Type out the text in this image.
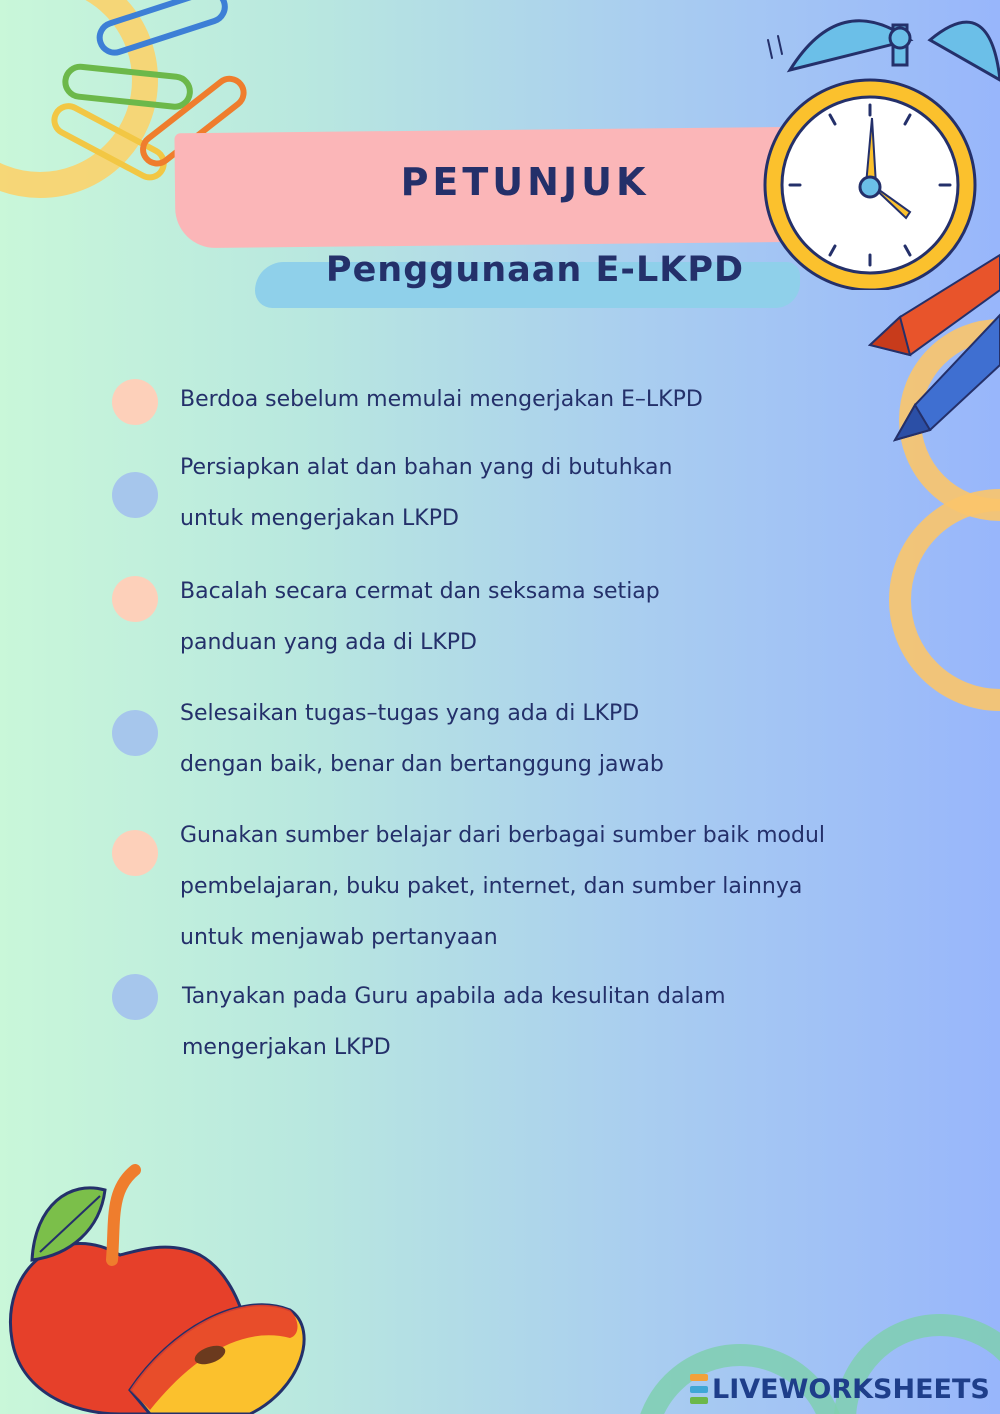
PETUNJUK
Penggunaan E-LKPD
Berdoa sebelum memulai mengerjakan E–LKPD
Persiapkan alat dan bahan yang di butuhkan
untuk mengerjakan LKPD
Bacalah secara cermat dan seksama setiap
panduan yang ada di LKPD
Selesaikan tugas–tugas yang ada di LKPD
dengan baik, benar dan bertanggung jawab
Gunakan sumber belajar dari berbagai sumber baik modul
pembelajaran, buku paket, internet, dan sumber lainnya
untuk menjawab pertanyaan
Tanyakan pada Guru apabila ada kesulitan dalam
mengerjakan LKPD
LIVEWORKSHEETS
